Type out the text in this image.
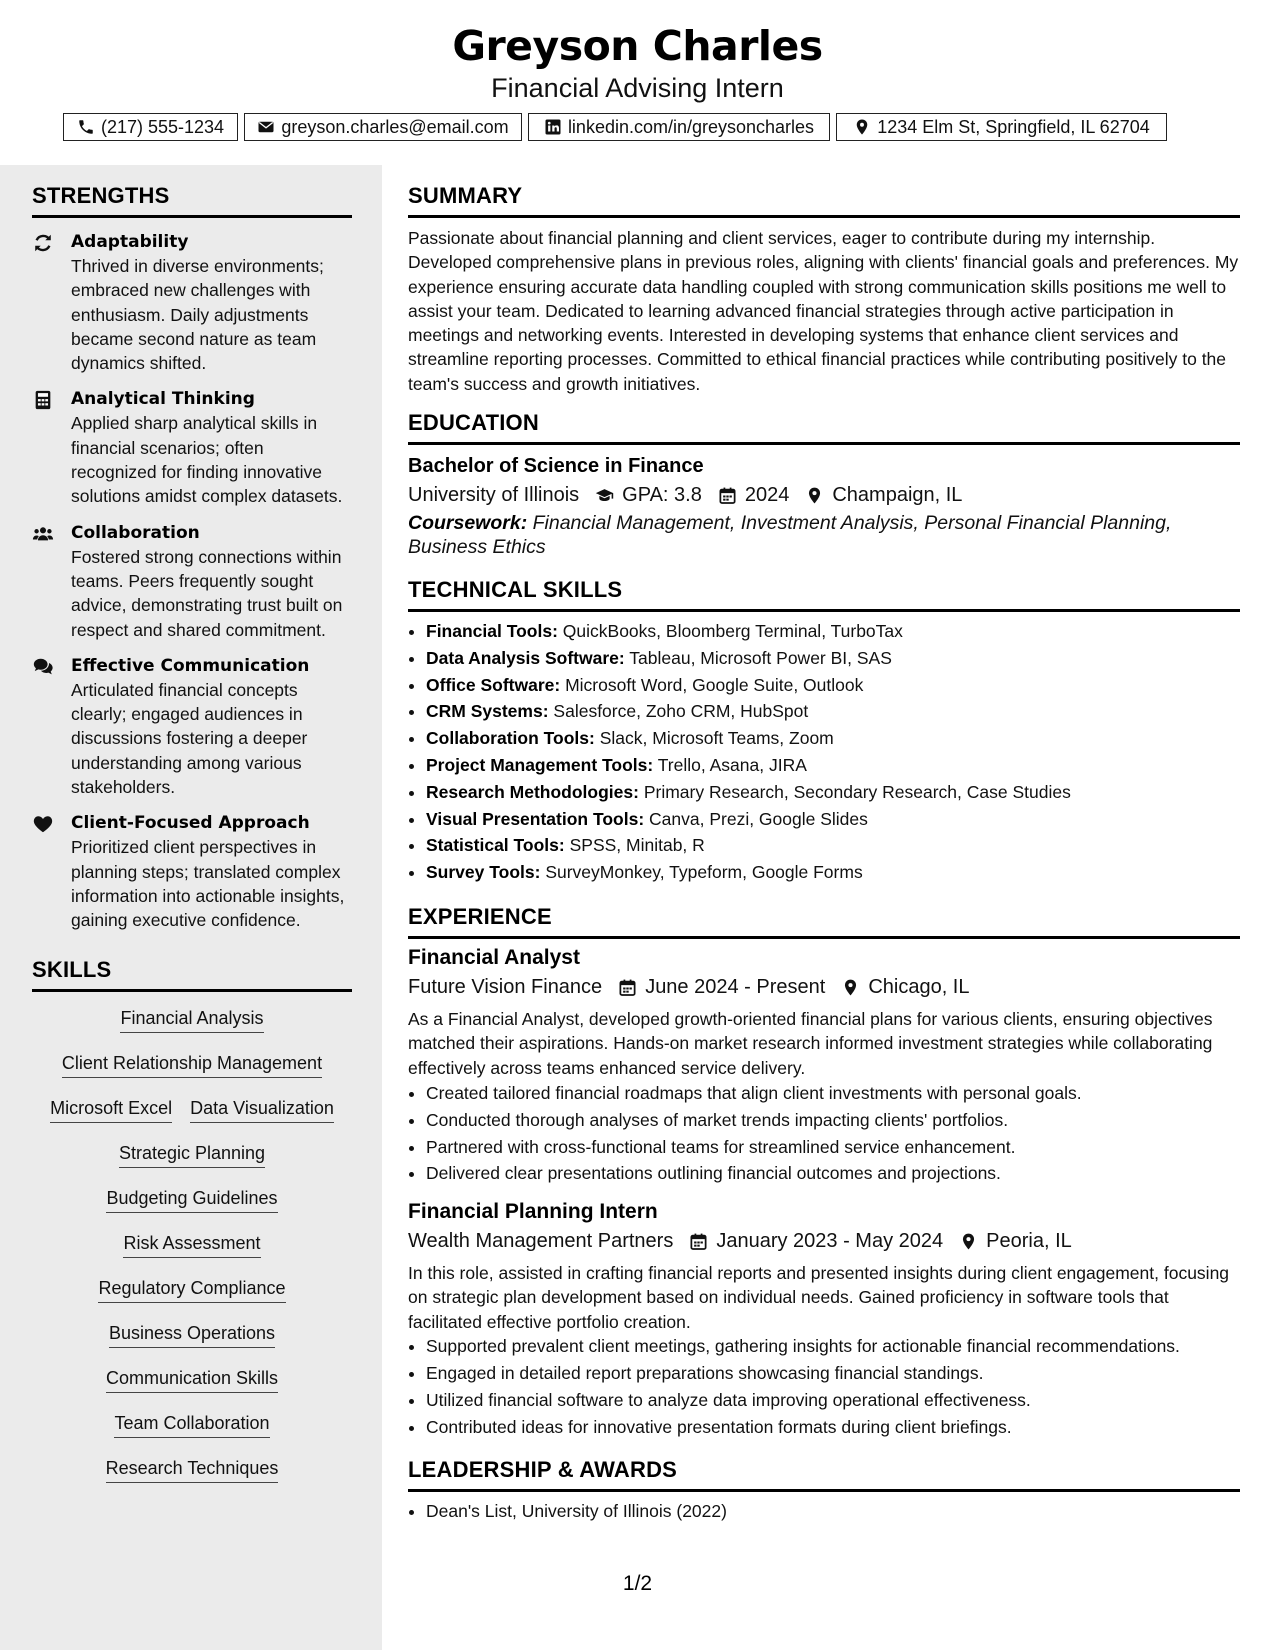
Greyson Charles
Financial Advising Intern
(217) 555-1234	greyson.charles@email.com	linkedin.com/in/greysoncharles	1234 Elm St, Springfield, IL 62704
STRENGTHS
Adaptability
Thrived in diverse environments; embraced new challenges with enthusiasm. Daily adjustments became second nature as team dynamics shifted.
Analytical Thinking
Applied sharp analytical skills in financial scenarios; often recognized for finding innovative solutions amidst complex datasets.
Collaboration
Fostered strong connections within teams. Peers frequently sought advice, demonstrating trust built on respect and shared commitment.
Effective Communication
Articulated financial concepts clearly; engaged audiences in discussions fostering a deeper understanding among various stakeholders.
Client-Focused Approach
Prioritized client perspectives in planning steps; translated complex information into actionable insights, gaining executive confidence.
SKILLS
Financial Analysis
Client Relationship Management
Microsoft Excel Data Visualization
Strategic Planning
Budgeting Guidelines
Risk Assessment
Regulatory Compliance
Business Operations
Communication Skills
Team Collaboration
Research Techniques
SUMMARY

Passionate about financial planning and client services, eager to contribute during my internship. Developed comprehensive plans in previous roles, aligning with clients' financial goals and preferences. My experience ensuring accurate data handling coupled with strong communication skills positions me well to assist your team. Dedicated to learning advanced financial strategies through active participation in meetings and networking events. Interested in developing systems that enhance client services and streamline reporting processes. Committed to ethical financial practices while contributing positively to the team's success and growth initiatives.

EDUCATION
Bachelor of Science in Finance
University of Illinois GPA: 3.8 2024 Champaign, IL
Coursework: Financial Management, Investment Analysis, Personal Financial Planning, Business Ethics
TECHNICAL SKILLS
• Financial Tools: QuickBooks, Bloomberg Terminal, TurboTax
• Data Analysis Software: Tableau, Microsoft Power BI, SAS
• Office Software: Microsoft Word, Google Suite, Outlook
• CRM Systems: Salesforce, Zoho CRM, HubSpot
• Collaboration Tools: Slack, Microsoft Teams, Zoom
• Project Management Tools: Trello, Asana, JIRA
• Research Methodologies: Primary Research, Secondary Research, Case Studies
• Visual Presentation Tools: Canva, Prezi, Google Slides
• Statistical Tools: SPSS, Minitab, R
• Survey Tools: SurveyMonkey, Typeform, Google Forms
EXPERIENCE
Financial Analyst
Future Vision Finance June 2024 - Present Chicago, IL

As a Financial Analyst, developed growth-oriented financial plans for various clients, ensuring objectives matched their aspirations. Hands-on market research informed investment strategies while collaborating effectively across teams enhanced service delivery.

• Created tailored financial roadmaps that align client investments with personal goals.
• Conducted thorough analyses of market trends impacting clients' portfolios.
• Partnered with cross-functional teams for streamlined service enhancement.
• Delivered clear presentations outlining financial outcomes and projections.
Financial Planning Intern
Wealth Management Partners January 2023 - May 2024 Peoria, IL

In this role, assisted in crafting financial reports and presented insights during client engagement, focusing on strategic plan development based on individual needs. Gained proficiency in software tools that facilitated effective portfolio creation.

• Supported prevalent client meetings, gathering insights for actionable financial recommendations.
• Engaged in detailed report preparations showcasing financial standings.
• Utilized financial software to analyze data improving operational effectiveness.
• Contributed ideas for innovative presentation formats during client briefings.
LEADERSHIP & AWARDS
• Dean's List, University of Illinois (2022)
1/2
